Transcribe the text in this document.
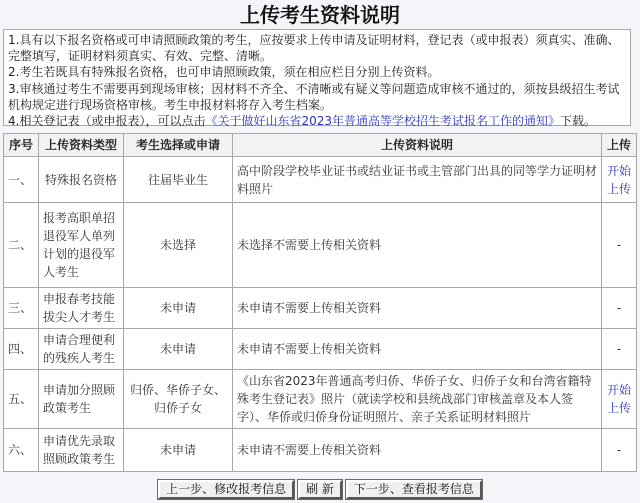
上传考生资料说明

1.具有以下报名资格或可申请照顾政策的考生，应按要求上传申请及证明材料，登记表（或申报表）须真实、准确、完整填写，证明材料须真实、有效、完整、清晰。

2.考生若既具有特殊报名资格，也可申请照顾政策，须在相应栏目分别上传资料。

3.审核通过考生不需要再到现场审核；因材料不齐全、不清晰或有疑义等问题造成审核不通过的，须按县级招生考试机构规定进行现场资格审核。考生申报材料将存入考生档案。

4.相关登记表（或申报表），可以点击《关于做好山东省2023年普通高等学校招生考试报名工作的通知》下载。

序号	上传资料类型	考生选择或申请	上传资料说明	上传
一、	特殊报名资格	往届毕业生	高中阶段学校毕业证书或结业证书或主管部门出具的同等学力证明材料照片	开始上传
二、	报考高职单招退役军人单列计划的退役军人考生	未选择	未选择不需要上传相关资料	-
三、	申报春考技能拔尖人才考生	未申请	未申请不需要上传相关资料	-
四、	申请合理便利的残疾人考生	未申请	未申请不需要上传相关资料	-
五、	申请加分照顾政策考生	归侨、华侨子女、归侨子女	《山东省2023年普通高考归侨、华侨子女、归侨子女和台湾省籍特殊考生登记表》照片（就读学校和县统战部门审核盖章及本人签字）、华侨或归侨身份证明照片、亲子关系证明材料照片	开始上传
六、	申请优先录取照顾政策考生	未申请	未申请不需要上传相关资料	-
上一步、修改报考信息 刷 新 下一步、查看报考信息
